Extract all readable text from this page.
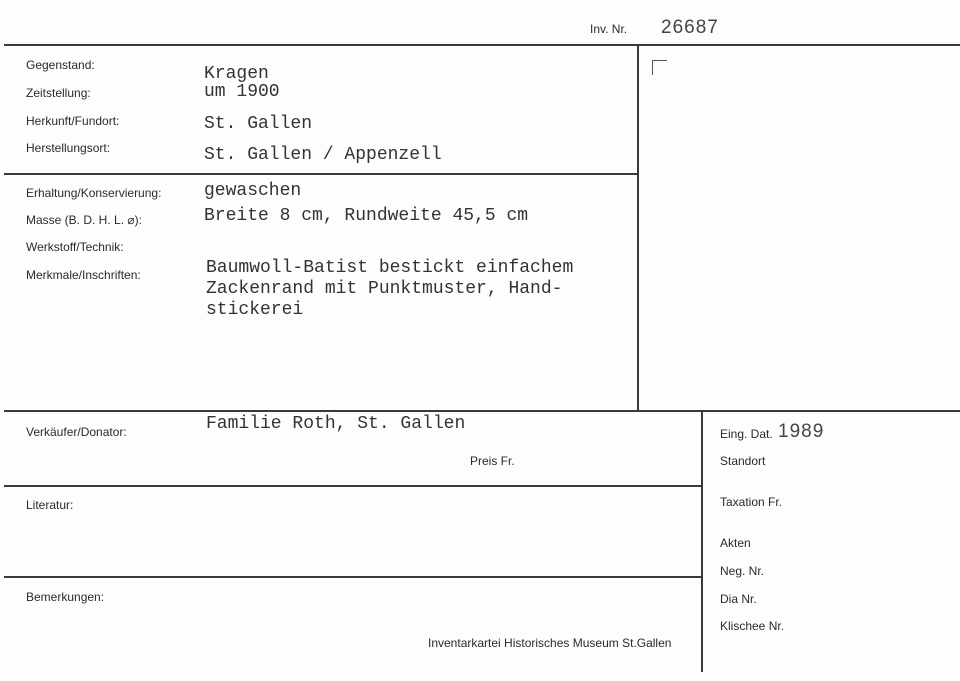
Inv. Nr. 26687
Gegenstand:	Kragen
Zeitstellung:	um 1900
Herkunft/Fundort:	St. Gallen
Herstellungsort:	St. Gallen / Appenzell
Erhaltung/Konservierung: gewaschen
Masse (B. D. H. L. ⌀):	Breite 8 cm, Rundweite 45,5 cm
Werkstoff/Technik:
Merkmale/Inschriften:	Baumwoll-Batist bestickt einfachem
Zackenrand mit Punktmuster, Hand-
stickerei
Verkäufer/Donator:	Familie Roth, St. Gallen
Preis Fr.
Literatur:
Bemerkungen:
Eing. Dat. 1989
Standort
Taxation Fr.
Akten
Neg. Nr.
Dia Nr.
Klischee Nr.
Inventarkartei Historisches Museum St.Gallen
